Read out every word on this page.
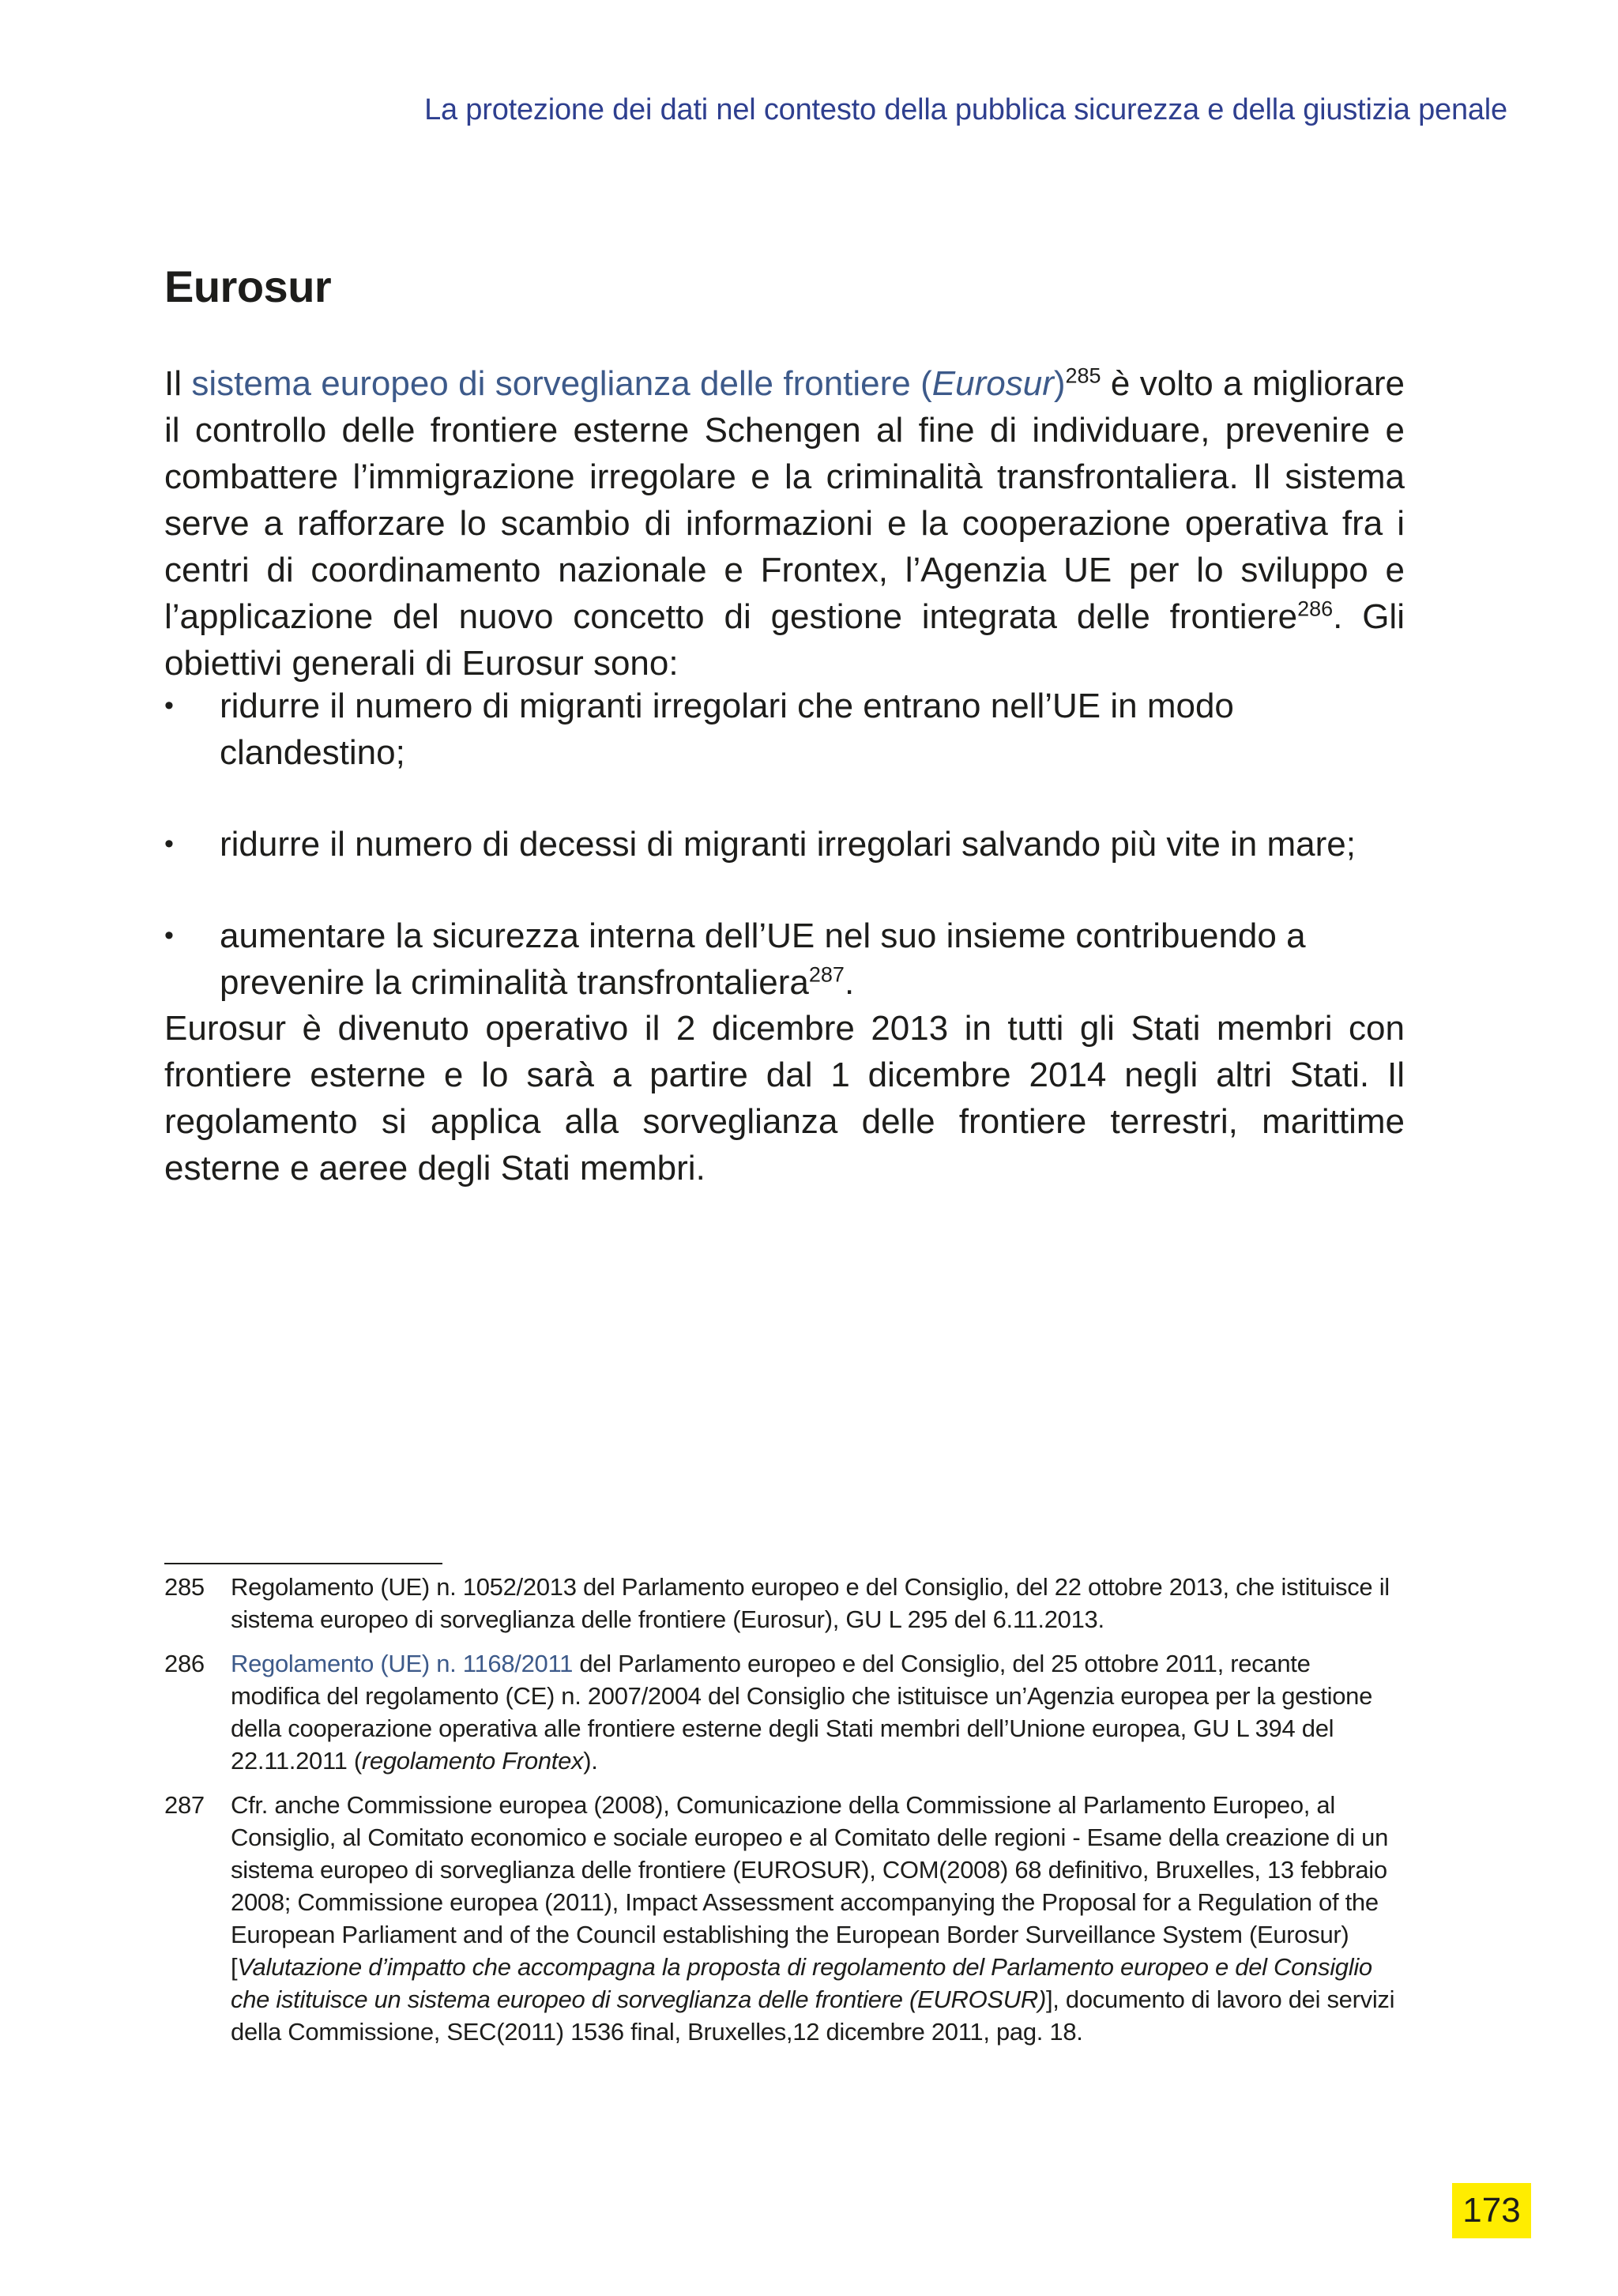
La protezione dei dati nel contesto della pubblica sicurezza e della giustizia penale
Eurosur

Il sistema europeo di sorveglianza delle frontiere (Eurosur)$^{285}$ è volto a migliorare il controllo delle frontiere esterne Schengen al fine di individuare, prevenire e combattere l’immigrazione irregolare e la criminalità transfrontaliera. Il sistema serve a rafforzare lo scambio di informazioni e la cooperazione operativa fra i centri di coordinamento nazionale e Frontex, l’Agenzia UE per lo sviluppo e l’applicazione del nuovo concetto di gestione integrata delle frontiere$^{286}$. Gli obiettivi generali di Eurosur sono:

• ridurre il numero di migranti irregolari che entrano nell’UE in modo clandestino;
• ridurre il numero di decessi di migranti irregolari salvando più vite in mare;
• aumentare la sicurezza interna dell’UE nel suo insieme contribuendo a prevenire la criminalità transfrontaliera$^{287}$.

Eurosur è divenuto operativo il 2 dicembre 2013 in tutti gli Stati membri con frontiere esterne e lo sarà a partire dal 1 dicembre 2014 negli altri Stati. Il regolamento si applica alla sorveglianza delle frontiere terrestri, marittime esterne e aeree degli Stati membri.

285 Regolamento (UE) n. 1052/2013 del Parlamento europeo e del Consiglio, del 22 ottobre 2013, che istituisce il sistema europeo di sorveglianza delle frontiere (Eurosur), GU L 295 del 6.11.2013.
286 Regolamento (UE) n. 1168/2011 del Parlamento europeo e del Consiglio, del 25 ottobre 2011, recante modifica del regolamento (CE) n. 2007/2004 del Consiglio che istituisce un’Agenzia europea per la gestione della cooperazione operativa alle frontiere esterne degli Stati membri dell’Unione europea, GU L 394 del 22.11.2011 (regolamento Frontex).
287 Cfr. anche Commissione europea (2008), Comunicazione della Commissione al Parlamento Europeo, al Consiglio, al Comitato economico e sociale europeo e al Comitato delle regioni - Esame della creazione di un sistema europeo di sorveglianza delle frontiere (EUROSUR), COM(2008) 68 definitivo, Bruxelles, 13 febbraio 2008; Commissione europea (2011), Impact Assessment accompanying the Proposal for a Regulation of the European Parliament and of the Council establishing the European Border Surveillance System (Eurosur) [Valutazione d’impatto che accompagna la proposta di regolamento del Parlamento europeo e del Consiglio che istituisce un sistema europeo di sorveglianza delle frontiere (EUROSUR)], documento di lavoro dei servizi della Commissione, SEC(2011) 1536 final, Bruxelles,12 dicembre 2011, pag. 18.
173
